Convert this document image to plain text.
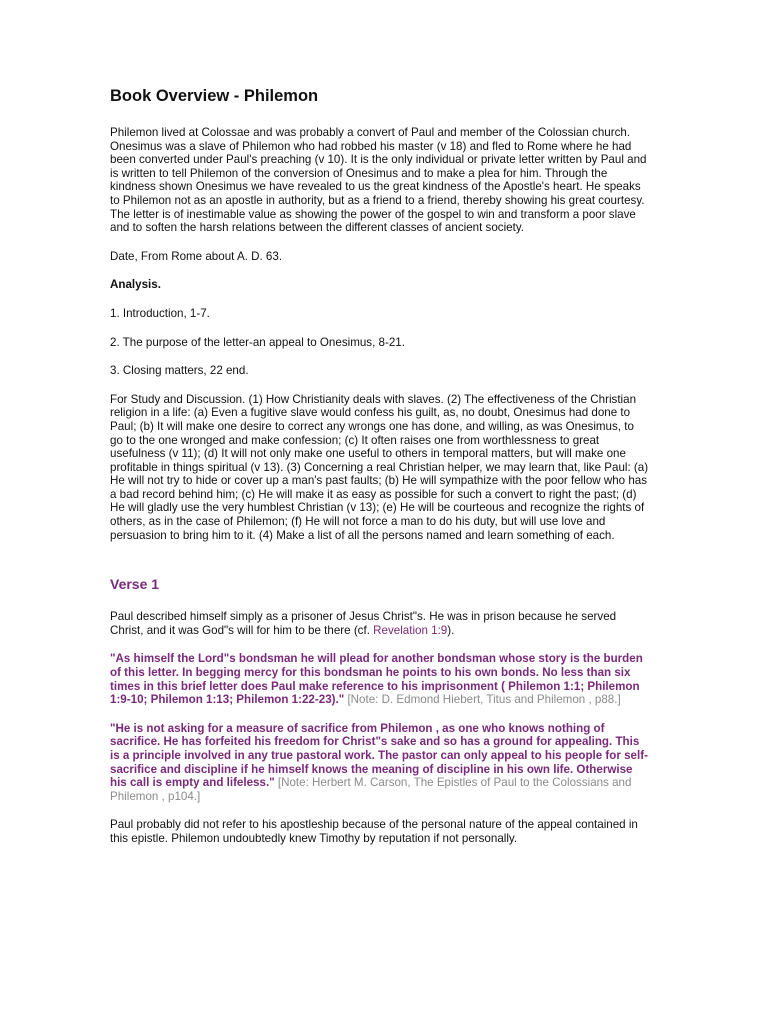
Book Overview - Philemon

Philemon lived at Colossae and was probably a convert of Paul and member of the Colossian church. Onesimus was a slave of Philemon who had robbed his master (v 18) and fled to Rome where he had been converted under Paul's preaching (v 10). It is the only individual or private letter written by Paul and is written to tell Philemon of the conversion of Onesimus and to make a plea for him. Through the kindness shown Onesimus we have revealed to us the great kindness of the Apostle's heart. He speaks to Philemon not as an apostle in authority, but as a friend to a friend, thereby showing his great courtesy. The letter is of inestimable value as showing the power of the gospel to win and transform a poor slave and to soften the harsh relations between the different classes of ancient society.

Date, From Rome about A. D. 63.

Analysis.

1. Introduction, 1-7.

2. The purpose of the letter-an appeal to Onesimus, 8-21.

3. Closing matters, 22 end.

For Study and Discussion. (1) How Christianity deals with slaves. (2) The effectiveness of the Christian religion in a life: (a) Even a fugitive slave would confess his guilt, as, no doubt, Onesimus had done to Paul; (b) It will make one desire to correct any wrongs one has done, and willing, as was Onesimus, to go to the one wronged and make confession; (c) It often raises one from worthlessness to great usefulness (v 11); (d) It will not only make one useful to others in temporal matters, but will make one profitable in things spiritual (v 13). (3) Concerning a real Christian helper, we may learn that, like Paul: (a) He will not try to hide or cover up a man's past faults; (b) He will sympathize with the poor fellow who has a bad record behind him; (c) He will make it as easy as possible for such a convert to right the past; (d) He will gladly use the very humblest Christian (v 13); (e) He will be courteous and recognize the rights of others, as in the case of Philemon; (f) He will not force a man to do his duty, but will use love and persuasion to bring him to it. (4) Make a list of all the persons named and learn something of each.

Verse 1

Paul described himself simply as a prisoner of Jesus Christ"s. He was in prison because he served Christ, and it was God"s will for him to be there (cf. Revelation 1:9).

"As himself the Lord"s bondsman he will plead for another bondsman whose story is the burden of this letter. In begging mercy for this bondsman he points to his own bonds. No less than six times in this brief letter does Paul make reference to his imprisonment ( Philemon 1:1; Philemon 1:9-10; Philemon 1:13; Philemon 1:22-23)." [Note: D. Edmond Hiebert, Titus and Philemon , p88.]

"He is not asking for a measure of sacrifice from Philemon , as one who knows nothing of sacrifice. He has forfeited his freedom for Christ"s sake and so has a ground for appealing. This is a principle involved in any true pastoral work. The pastor can only appeal to his people for self-sacrifice and discipline if he himself knows the meaning of discipline in his own life. Otherwise his call is empty and lifeless." [Note: Herbert M. Carson, The Epistles of Paul to the Colossians and Philemon , p104.]

Paul probably did not refer to his apostleship because of the personal nature of the appeal contained in this epistle. Philemon undoubtedly knew Timothy by reputation if not personally.
